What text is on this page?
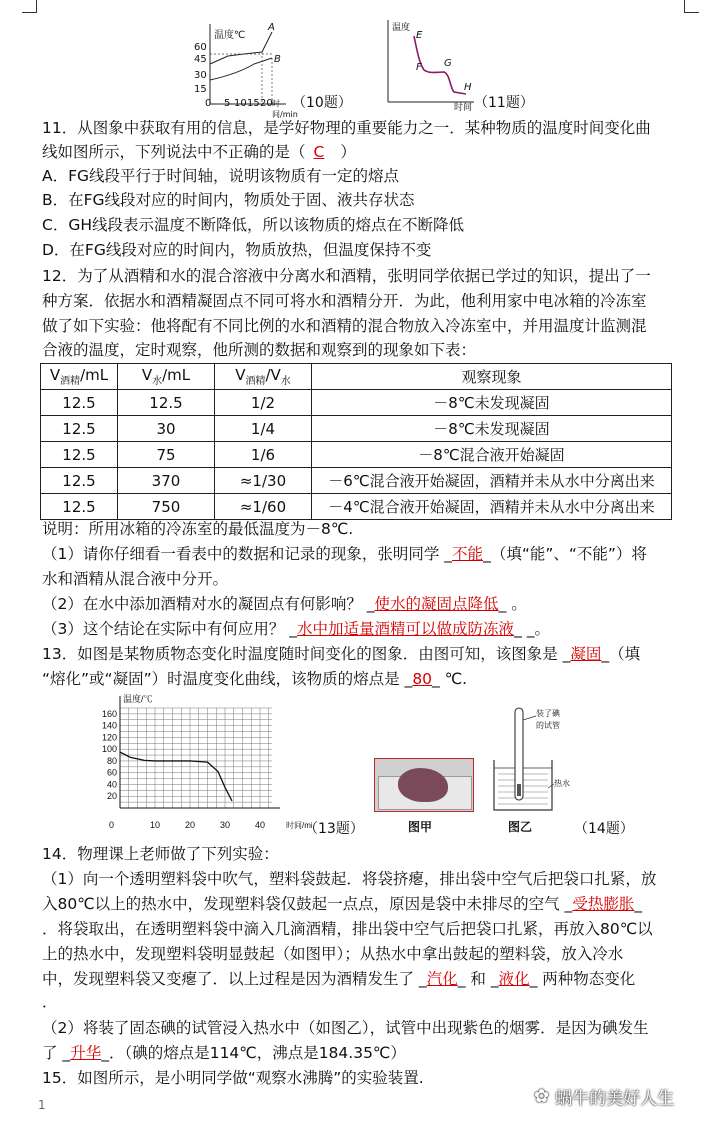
温度℃
60
45
30
15
0 5 10 15 20 时间/min
A
B
（10题）
温度
E
F G
H
时间 （11题）
11．从图象中获取有用的信息，是学好物理的重要能力之一．某种物质的温度时间变化曲
线如图所示，下列说法中不正确的是（ C ）
A．FG线段平行于时间轴，说明该物质有一定的熔点
B．在FG线段对应的时间内，物质处于固、液共存状态
C．GH线段表示温度不断降低，所以该物质的熔点在不断降低
D．在FG线段对应的时间内，物质放热，但温度保持不变
12．为了从酒精和水的混合溶液中分离水和酒精，张明同学依据已学过的知识，提出了一
种方案．依据水和酒精凝固点不同可将水和酒精分开．为此，他利用家中电冰箱的冷冻室
做了如下实验：他将配有不同比例的水和酒精的混合物放入冷冻室中，并用温度计监测混
合液的温度，定时观察，他所测的数据和观察到的现象如下表：
$V_{酒精}/mL$	$V_水/mL$	$V_{酒精}/V_水$	观察现象
12.5	12.5	1/2	－8℃未发现凝固
12.5	30	1/4	－8℃未发现凝固
12.5	75	1/6	－8℃混合液开始凝固
12.5	370	≈1/30	－6℃混合液开始凝固，酒精并未从水中分离出来
12.5	750	≈1/60	－4℃混合液开始凝固，酒精并未从水中分离出来
说明：所用冰箱的冷冻室的最低温度为－8℃.
（1）请你仔细看一看表中的数据和记录的现象，张明同学 _不能_（填“能”、“不能”）将
水和酒精从混合液中分开。
（2）在水中添加酒精对水的凝固点有何影响？ _使水的凝固点降低_ 。
（3）这个结论在实际中有何应用？ _水中加适量酒精可以做成防冻液_ _。
13．如图是某物质物态变化时温度随时间变化的图象．由图可知，该图象是 _凝固_（填
“熔化”或“凝固”）时温度变化曲线，该物质的熔点是 _80_ ℃.
160
140
120
100
80
60
40
20
10	20	30	40
0
温度/℃
时间/m
（13题）	图甲
装了碘
的试管
热水
图乙	（14题）
14．物理课上老师做了下列实验：
（1）向一个透明塑料袋中吹气，塑料袋鼓起．将袋挤瘪，排出袋中空气后把袋口扎紧，放
入80℃以上的热水中，发现塑料袋仅鼓起一点点，原因是袋中未排尽的空气 _受热膨胀_
．将袋取出，在透明塑料袋中滴入几滴酒精，排出袋中空气后把袋口扎紧，再放入80℃以
上的热水中，发现塑料袋明显鼓起（如图甲）；从热水中拿出鼓起的塑料袋，放入冷水
中，发现塑料袋又变瘪了．以上过程是因为酒精发生了 _汽化_ 和 _液化_ 两种物态变化
．
（2）将装了固态碘的试管浸入热水中（如图乙），试管中出现紫色的烟雾．是因为碘发生
了 _升华_．（碘的熔点是114℃，沸点是184.35℃）
15．如图所示，是小明同学做“观察水沸腾”的实验装置.
1	✿ 蜗牛的美好人生
